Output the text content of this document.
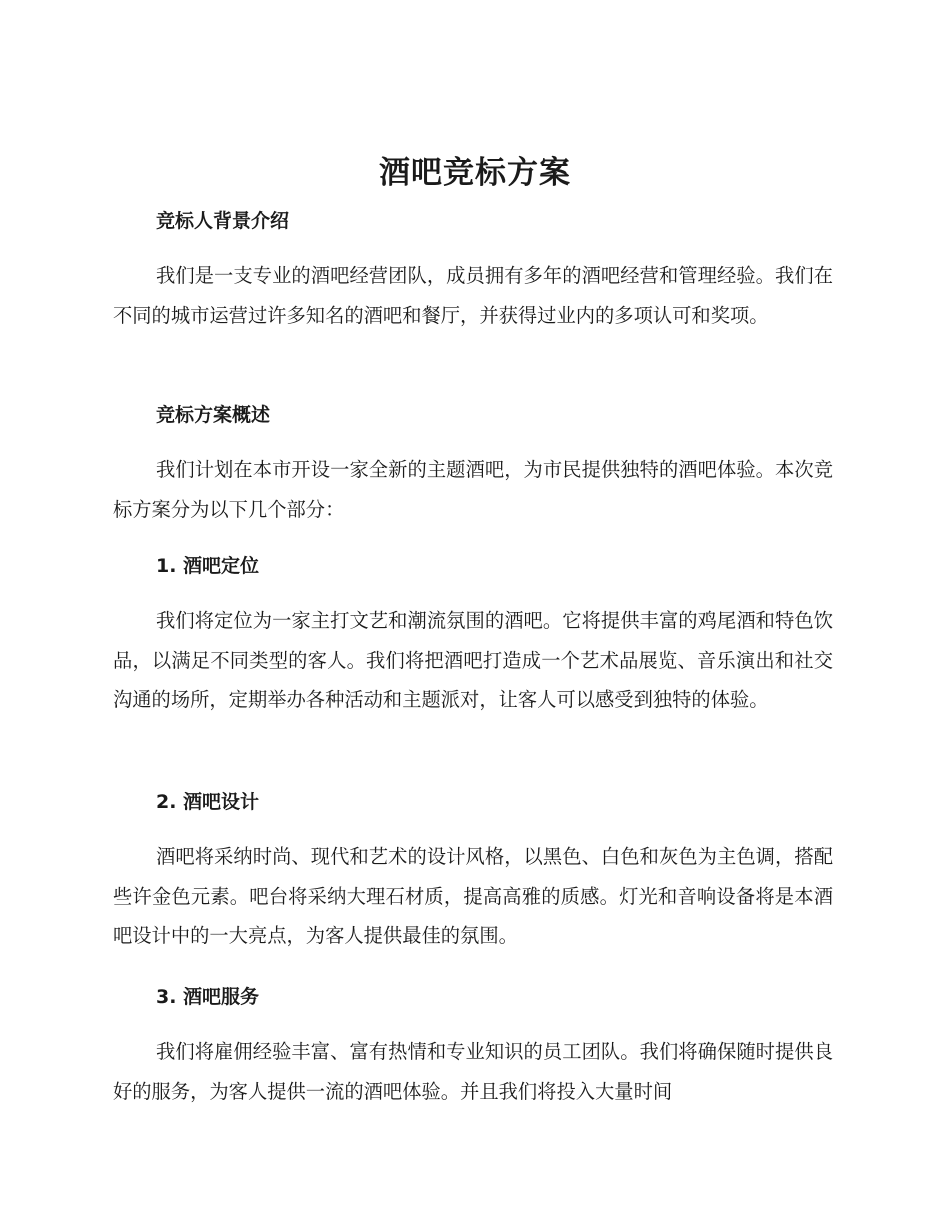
酒吧竞标方案
竞标人背景介绍

我们是一支专业的酒吧经营团队，成员拥有多年的酒吧经营和管理经验。我们在不同的城市运营过许多知名的酒吧和餐厅，并获得过业内的多项认可和奖项。

竞标方案概述

我们计划在本市开设一家全新的主题酒吧，为市民提供独特的酒吧体验。本次竞标方案分为以下几个部分：

1. 酒吧定位

我们将定位为一家主打文艺和潮流氛围的酒吧。它将提供丰富的鸡尾酒和特色饮品，以满足不同类型的客人。我们将把酒吧打造成一个艺术品展览、音乐演出和社交沟通的场所，定期举办各种活动和主题派对，让客人可以感受到独特的体验。

2. 酒吧设计

酒吧将采纳时尚、现代和艺术的设计风格，以黑色、白色和灰色为主色调，搭配些许金色元素。吧台将采纳大理石材质，提高高雅的质感。灯光和音响设备将是本酒吧设计中的一大亮点，为客人提供最佳的氛围。

3. 酒吧服务

我们将雇佣经验丰富、富有热情和专业知识的员工团队。我们将确保随时提供良好的服务，为客人提供一流的酒吧体验。并且我们将投入大量时间
